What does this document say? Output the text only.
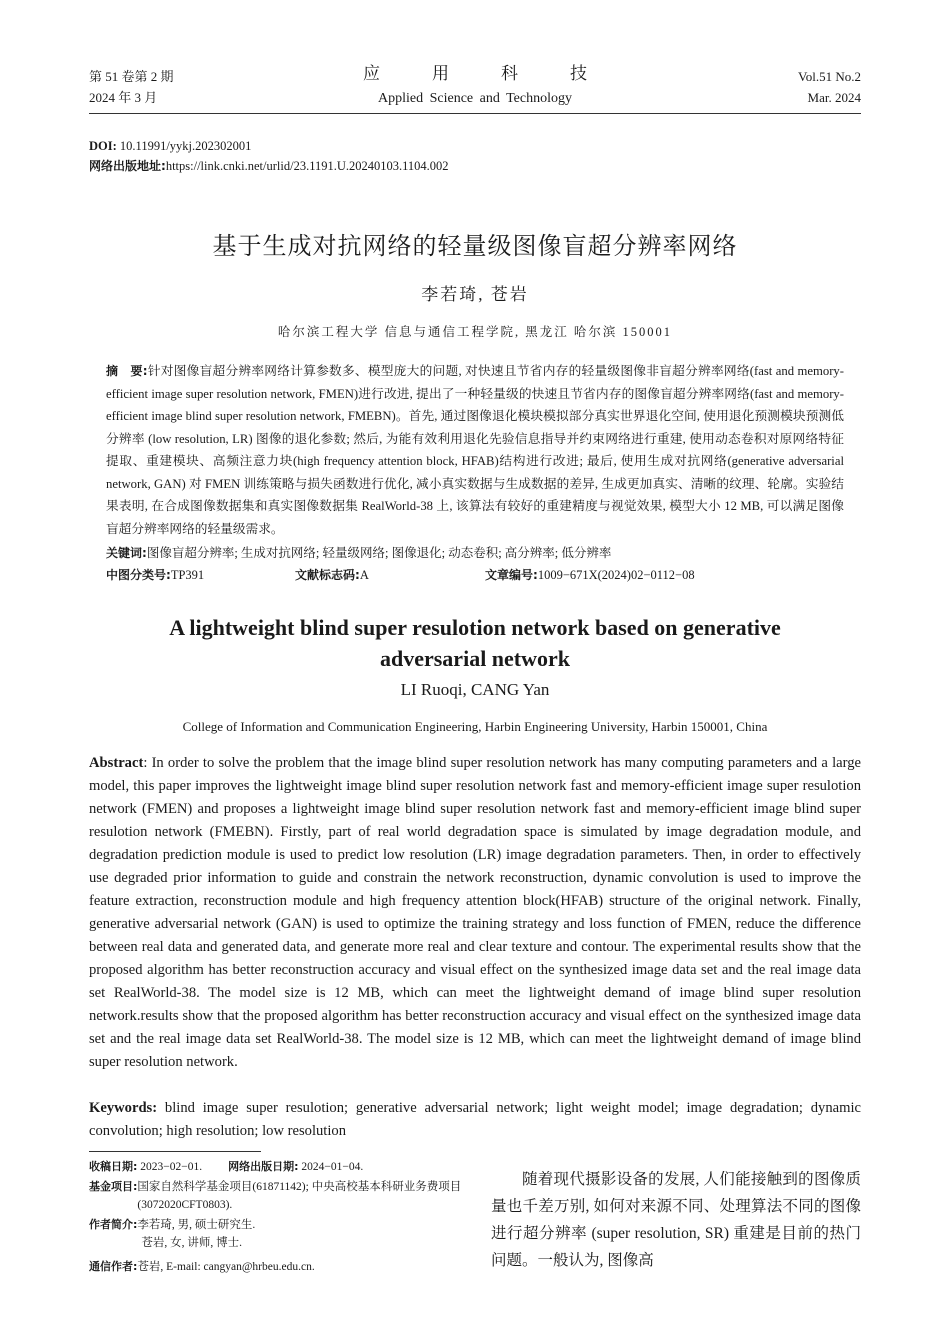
第 51 卷第 2 期
2024 年 3 月
应用科技
Applied Science and Technology
Vol.51 No.2
Mar. 2024
DOI: 10.11991/yykj.202302001
网络出版地址:https://link.cnki.net/urlid/23.1191.U.20240103.1104.002
基于生成对抗网络的轻量级图像盲超分辨率网络
李若琦, 苍岩
哈尔滨工程大学 信息与通信工程学院, 黑龙江 哈尔滨 150001
摘　要:针对图像盲超分辨率网络计算参数多、模型庞大的问题, 对快速且节省内存的轻量级图像非盲超分辨率网络(fast and memory-efficient image super resolution network, FMEN)进行改进, 提出了一种轻量级的快速且节省内存的图像盲超分辨率网络(fast and memory-efficient image blind super resolution network, FMEBN)。首先, 通过图像退化模块模拟部分真实世界退化空间, 使用退化预测模块预测低分辨率 (low resolution, LR) 图像的退化参数; 然后, 为能有效利用退化先验信息指导并约束网络进行重建, 使用动态卷积对原网络特征提取、重建模块、高频注意力块(high frequency attention block, HFAB)结构进行改进; 最后, 使用生成对抗网络(generative adversarial network, GAN) 对 FMEN 训练策略与损失函数进行优化, 减小真实数据与生成数据的差异, 生成更加真实、清晰的纹理、轮廓。实验结果表明, 在合成图像数据集和真实图像数据集 RealWorld-38 上, 该算法有较好的重建精度与视觉效果, 模型大小 12 MB, 可以满足图像盲超分辨率网络的轻量级需求。
关键词:图像盲超分辨率; 生成对抗网络; 轻量级网络; 图像退化; 动态卷积; 高分辨率; 低分辨率
中图分类号:TP391	文献标志码:A	文章编号:1009−671X(2024)02−0112−08
A lightweight blind super resulotion network based on generative
adversarial network
LI Ruoqi, CANG Yan
College of Information and Communication Engineering, Harbin Engineering University, Harbin 150001, China
Abstract: In order to solve the problem that the image blind super resolution network has many computing parameters and a large model, this paper improves the lightweight image blind super resolution network fast and memory-efficient image super resulotion network (FMEN) and proposes a lightweight image blind super resolution network fast and memory-efficient image blind super resulotion network (FMEBN). Firstly, part of real world degradation space is simulated by image degradation module, and degradation prediction module is used to predict low resolution (LR) image degradation parameters. Then, in order to effectively use degraded prior information to guide and constrain the network reconstruction, dynamic convolution is used to improve the feature extraction, reconstruction module and high frequency attention block(HFAB) structure of the original network. Finally, generative adversarial network (GAN) is used to optimize the training strategy and loss function of FMEN, reduce the difference between real data and generated data, and generate more real and clear texture and contour. The experimental results show that the proposed algorithm has better reconstruction accuracy and visual effect on the synthesized image data set and the real image data set RealWorld-38. The model size is 12 MB, which can meet the lightweight demand of image blind super resolution network.results show that the proposed algorithm has better reconstruction accuracy and visual effect on the synthesized image data set and the real image data set RealWorld-38. The model size is 12 MB, which can meet the lightweight demand of image blind super resolution network.
Keywords: blind image super resulotion; generative adversarial network; light weight model; image degradation; dynamic convolution; high resolution; low resolution
收稿日期: 2023−02−01. 网络出版日期: 2024−01−04.
基金项目: 国家自然科学基金项目(61871142); 中央高校基本科研业务费项目(3072020CFT0803).
作者简介: 李若琦, 男, 硕士研究生.
苍岩, 女, 讲师, 博士.
通信作者: 苍岩, E-mail: cangyan@hrbeu.edu.cn.
随着现代摄影设备的发展, 人们能接触到的图像质量也千差万别, 如何对来源不同、处理算法不同的图像进行超分辨率 (super resolution, SR) 重建是目前的热门问题。一般认为, 图像高
